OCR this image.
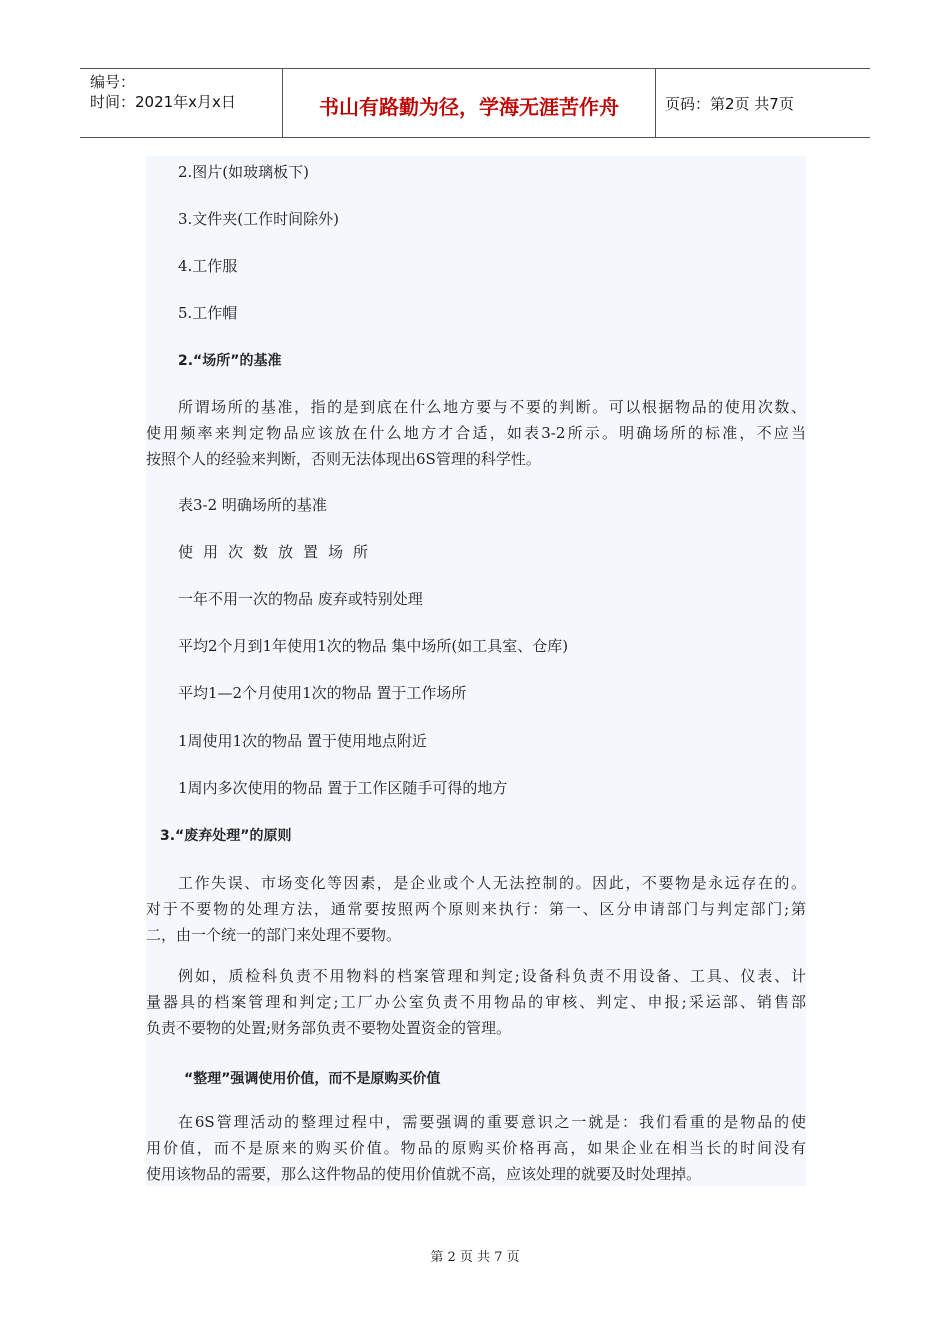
编号：
时间：2021年x月x日	书山有路勤为径，学海无涯苦作舟	页码：第2页 共7页
2.图片(如玻璃板下)
3.文件夹(工作时间除外)
4.工作服
5.工作帽
2.“场所”的基准
所谓场所的基准，指的是到底在什么地方要与不要的判断。可以根据物品的使用次数、
使用频率来判定物品应该放在什么地方才合适，如表3-2所示。明确场所的标准，不应当
按照个人的经验来判断，否则无法体现出6S管理的科学性。
表3-2 明确场所的基准
使用次数放置场所
一年不用一次的物品 废弃或特别处理
平均2个月到1年使用1次的物品 集中场所(如工具室、仓库)
平均1—2个月使用1次的物品 置于工作场所
1周使用1次的物品 置于使用地点附近
1周内多次使用的物品 置于工作区随手可得的地方
3.“废弃处理”的原则
工作失误、市场变化等因素，是企业或个人无法控制的。因此，不要物是永远存在的。
对于不要物的处理方法，通常要按照两个原则来执行：第一、区分申请部门与判定部门;第
二，由一个统一的部门来处理不要物。
例如，质检科负责不用物料的档案管理和判定;设备科负责不用设备、工具、仪表、计
量器具的档案管理和判定;工厂办公室负责不用物品的审核、判定、申报;采运部、销售部
负责不要物的处置;财务部负责不要物处置资金的管理。
“整理”强调使用价值，而不是原购买价值
在6S管理活动的整理过程中，需要强调的重要意识之一就是：我们看重的是物品的使
用价值，而不是原来的购买价值。物品的原购买价格再高，如果企业在相当长的时间没有
使用该物品的需要，那么这件物品的使用价值就不高，应该处理的就要及时处理掉。
第 2 页 共 7 页
